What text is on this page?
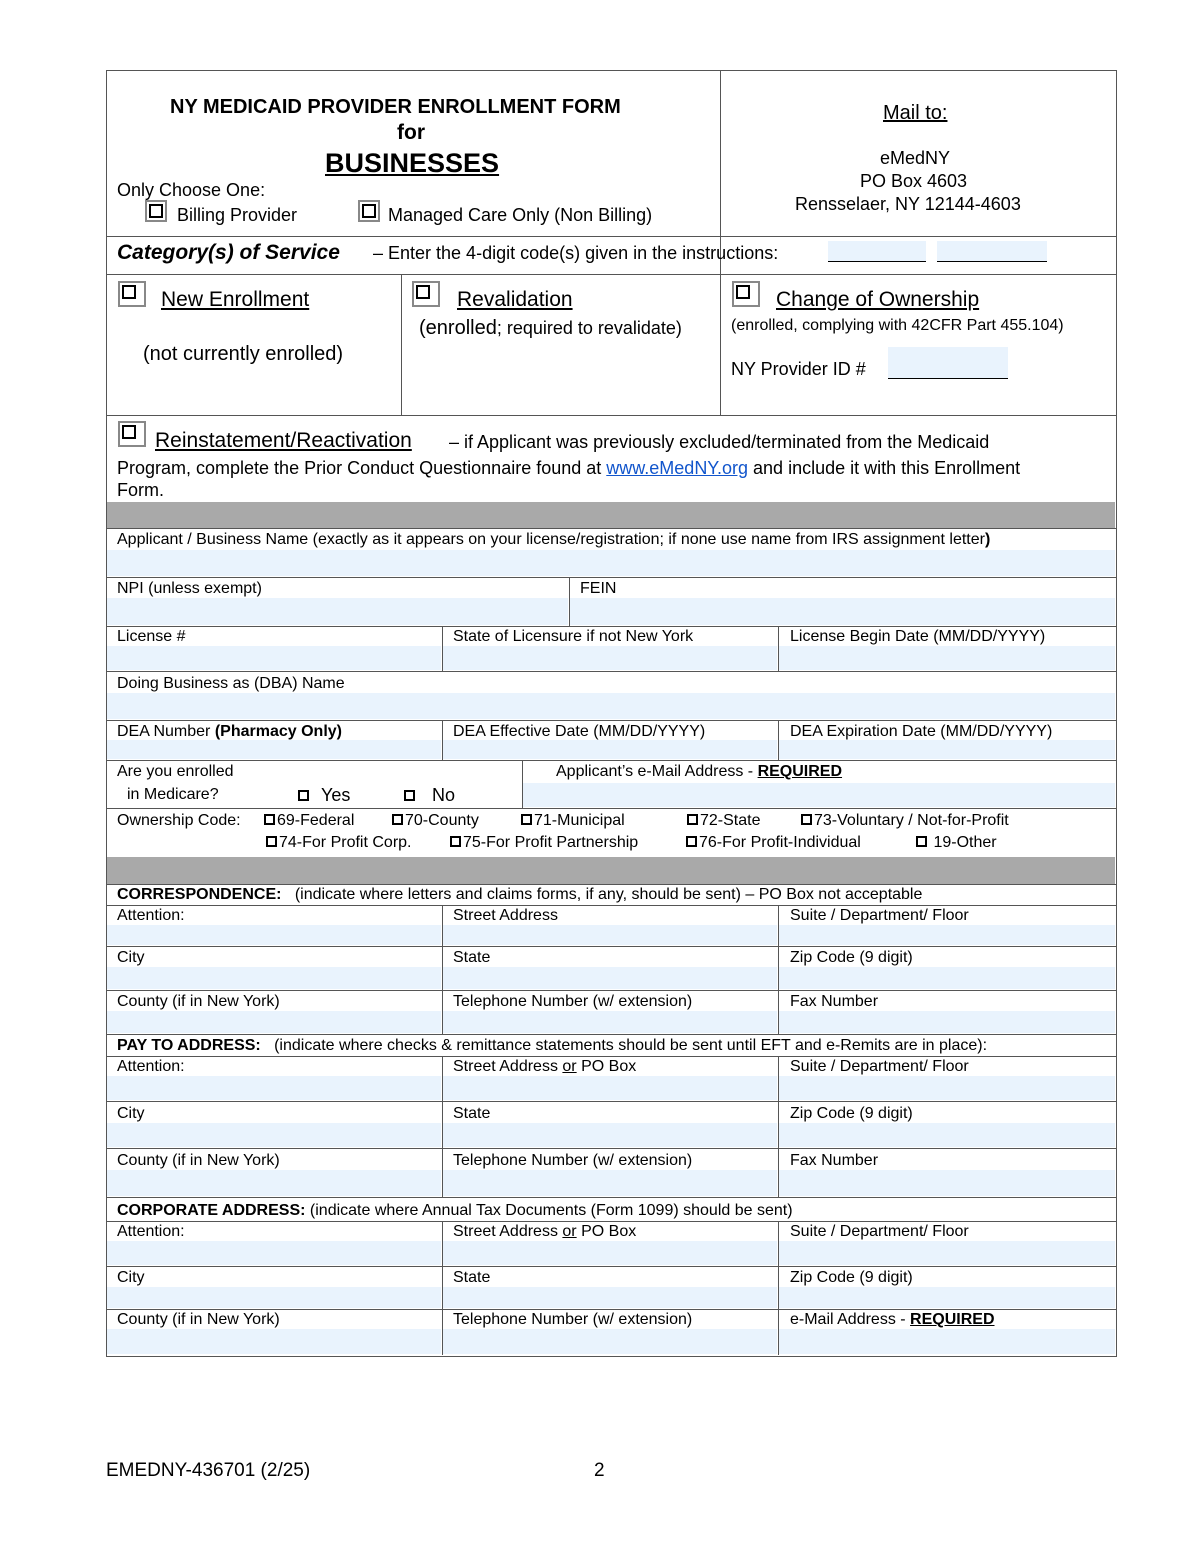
NY MEDICAID PROVIDER ENROLLMENT FORM
for
BUSINESSES
Only Choose One:
Billing Provider	Managed Care Only (Non Billing)
Mail to:
eMedNY
PO Box 4603
Rensselaer, NY 12144-4603
Category(s) of Service – Enter the 4-digit code(s) given in the instructions:
New Enrollment
(not currently enrolled)
Revalidation
(enrolled; required to revalidate)
Change of Ownership
(enrolled, complying with 42CFR Part 455.104)
NY Provider ID #
Reinstatement/Reactivation – if Applicant was previously excluded/terminated from the Medicaid
Program, complete the Prior Conduct Questionnaire found at www.eMedNY.org and include it with this Enrollment
Form.
Applicant / Business Name (exactly as it appears on your license/registration; if none use name from IRS assignment letter)
NPI (unless exempt)	FEIN
License #	State of Licensure if not New York	License Begin Date (MM/DD/YYYY)
Doing Business as (DBA) Name
DEA Number (Pharmacy Only)	DEA Effective Date (MM/DD/YYYY)	DEA Expiration Date (MM/DD/YYYY)
Are you enrolled
in Medicare?	Yes	No
Applicant’s e-Mail Address - REQUIRED
Ownership Code:	69-Federal	70-County	71-Municipal	72-State	73-Voluntary / Not-for-Profit
74-For Profit Corp.	75-For Profit Partnership	76-For Profit-Individual	19-Other
CORRESPONDENCE: (indicate where letters and claims forms, if any, should be sent) – PO Box not acceptable
Attention:	Street Address	Suite / Department/ Floor
City	State	Zip Code (9 digit)
County (if in New York)	Telephone Number (w/ extension)	Fax Number
PAY TO ADDRESS: (indicate where checks & remittance statements should be sent until EFT and e-Remits are in place):
Attention:	Street Address or PO Box	Suite / Department/ Floor
City	State	Zip Code (9 digit)
County (if in New York)	Telephone Number (w/ extension)	Fax Number
CORPORATE ADDRESS: (indicate where Annual Tax Documents (Form 1099) should be sent)
Attention:	Street Address or PO Box	Suite / Department/ Floor
City	State	Zip Code (9 digit)
County (if in New York)	Telephone Number (w/ extension)	e-Mail Address - REQUIRED
EMEDNY-436701 (2/25)	2
